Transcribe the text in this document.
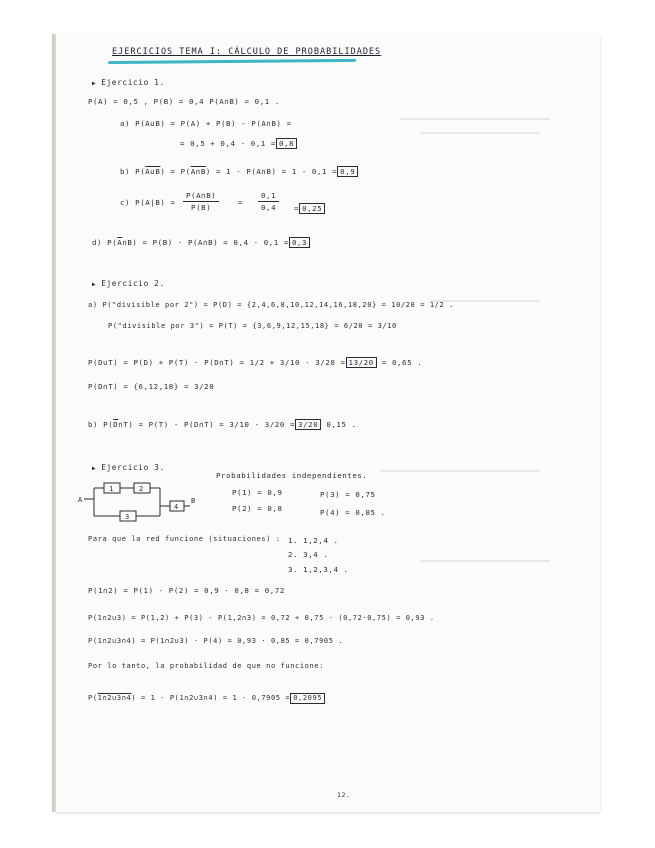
EJERCICIOS TEMA I: CÁLCULO DE PROBABILIDADES
▶ Ejercicio 1.
P(A) = 0,5 , P(B) = 0,4 P(A∩B) = 0,1 .
a) P(A∪B) = P(A) + P(B) - P(A∩B) =
= 0,5 + 0,4 - 0,1 = 0,8
b) P(A∪B) = P(A∩B) = 1 - P(A∩B) = 1 - 0,1 = 0,9
c) $P(A|B) = \frac{P(A\cap B)}{P(B)}$	= $\frac{0,1}{0,4} = 0,25$
d) $P(\overline{A}\cap B) = P(B)$ - P(A∩B) = 0,4 - 0,1 = 0,3
▶ Ejercicio 2.
a) P("divisible por 2") = P(D) = {2,4,6,8,10,12,14,16,18,20} = 10/20 = 1/2 .
P("divisible por 3") = P(T) = {3,6,9,12,15,18} = 6/20 = 3/10
P(D∪T) = P(D) + P(T) - P(D∩T) = 1/2 + 3/10 - 3/20 = 13/20 = 0,65 .
P(D∩T) = {6,12,18} = 3/20
b) $P(\overline{D}\cap T) = P(T)$ - P(D∩T) = 3/10 - 3/20 = 3/20 0,15 .
▶ Ejercicio 3.
Probabilidades independientes.
P(1) = 0,9
P(2) = 0,8
P(3) = 0,75
P(4) = 0,85 .
A	B
1	2
3
4
Para que la red funcione (situaciones) : 1. 1,2,4 .
2. 3,4 .
3. 1,2,3,4 .
P(1∩2) = P(1) · P(2) = 0,9 · 0,8 = 0,72
P(1∩2∪3) = P(1,2) + P(3) - P(1,2∩3) = 0,72 + 0,75 - (0,72·0,75) = 0,93 .
P(1∩2∪3∩4) = P(1∩2∪3) · P(4) = 0,93 · 0,85 = 0,7905 .
Por lo tanto, la probabilidad de que no funcione:
P(1∩2∪3∩4) = 1 - P(1∩2∪3∩4) = 1 - 0,7905 = 0,2095
12.
